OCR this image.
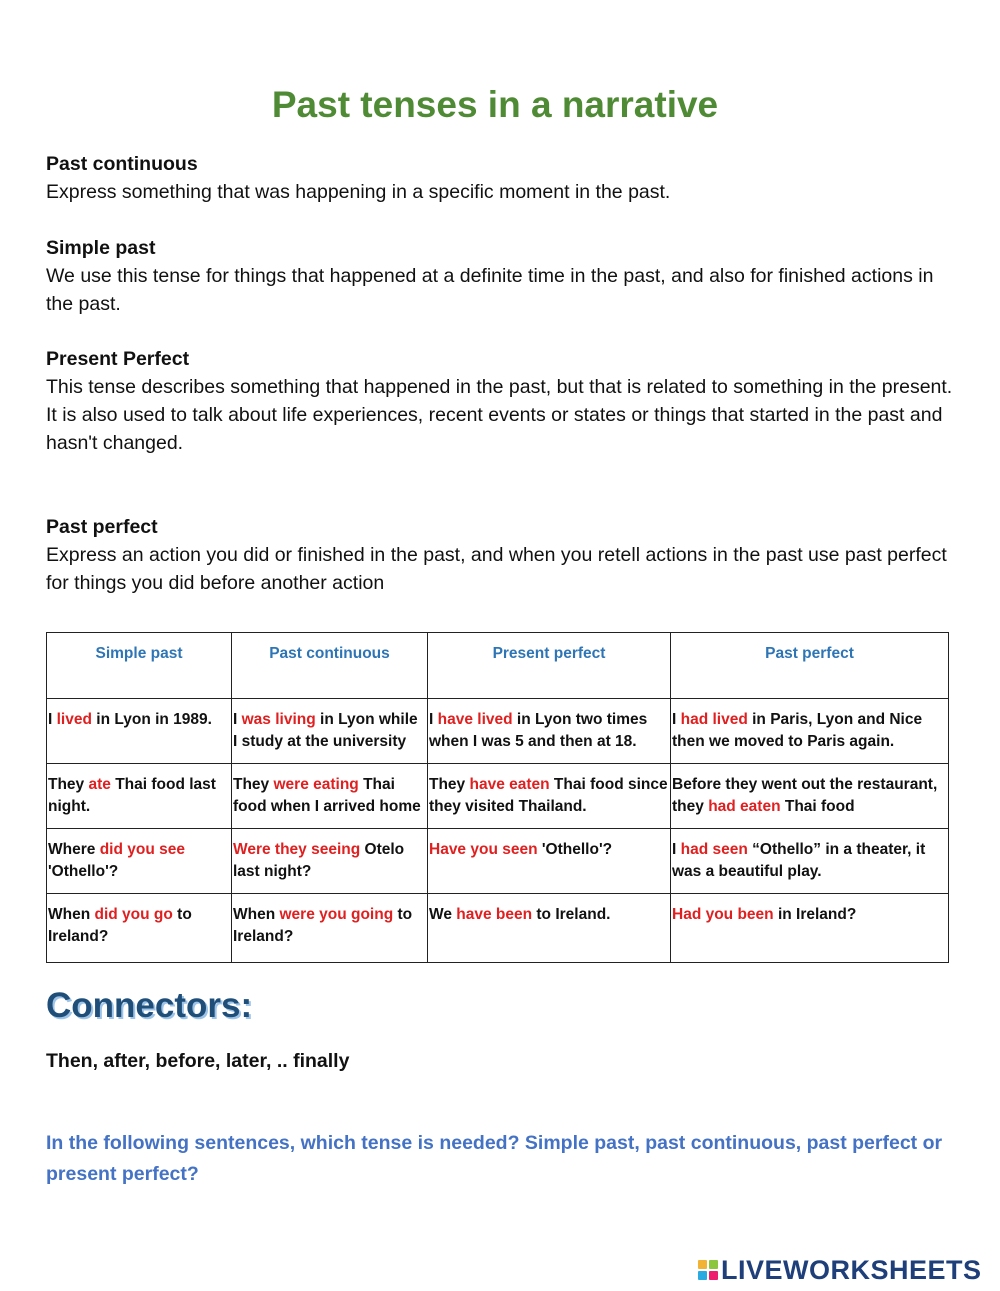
Past tenses in a narrative
Past continuous

Express something that was happening in a specific moment in the past.

Simple past

We use this tense for things that happened at a definite time in the past, and also for finished actions in the past.

Present Perfect

This tense describes something that happened in the past, but that is related to something in the present.

It is also used to talk about life experiences, recent events or states or things that started in the past and hasn't changed.

Past perfect

Express an action you did or finished in the past, and when you retell actions in the past use past perfect for things you did before another action

Simple past	Past continuous	Present perfect	Past perfect
I lived in Lyon in 1989.	I was living in Lyon while I study at the university	I have lived in Lyon two times when I was 5 and then at 18.	I had lived in Paris, Lyon and Nice then we moved to Paris again.
They ate Thai food last night.	They were eating Thai food when I arrived home	They have eaten Thai food since they visited Thailand.	Before they went out the restaurant, they had eaten Thai food
Where did you see 'Othello'?	Were they seeing Otelo last night?	Have you seen 'Othello'?	I had seen “Othello” in a theater, it was a beautiful play.
When did you go to Ireland?	When were you going to Ireland?	We have been to Ireland.	Had you been in Ireland?
Connectors:

Then, after, before, later, .. finally

In the following sentences, which tense is needed? Simple past, past continuous, past perfect or present perfect?

LIVEWORKSHEETS
